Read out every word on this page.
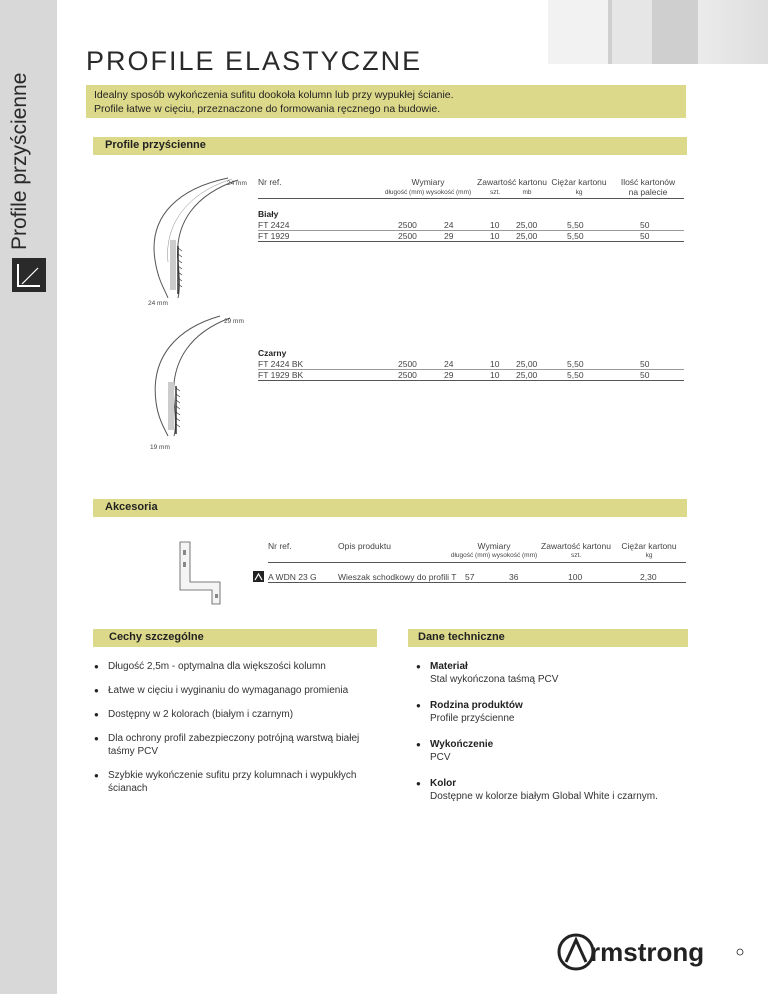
Profile przyścienne
PROFILE ELASTYCZNE
Idealny sposób wykończenia sufitu dookoła kolumn lub przy wypukłej ścianie.
Profile łatwe w cięciu, przeznaczone do formowania ręcznego na budowie.
Profile przyścienne
24 mm
24 mm
29 mm
19 mm
Nr ref.	Wymiary
długość (mm) wysokość (mm)
Zawartość kartonu
szt.	mb
Ciężar kartonu
kg
Ilość kartonów
na palecie
Biały
FT 2424	2500	24	10 25,00	5,50	50
FT 1929	2500	29	10 25,00	5,50	50
Czarny
FT 2424 BK	2500	24	10 25,00	5,50	50
FT 1929 BK	2500	29	10 25,00	5,50	50
Akcesoria
Nr ref.	Opis produktu	Wymiary
długość (mm) wysokość (mm)
Zawartość kartonu
szt.
Ciężar kartonu
kg
A WDN 23 G	Wieszak schodkowy do profili T 57	36	100	2,30
Cechy szczególne	Dane techniczne
● Długość 2,5m - optymalna dla większości kolumn
● Łatwe w cięciu i wyginaniu do wymaganago promienia
● Dostępny w 2 kolorach (białym i czarnym)
● Dla ochrony profil zabezpieczony potrójną warstwą białej taśmy PCV
● Szybkie wykończenie sufitu przy kolumnach i wypukłych ścianach
● Materiał
Stal wykończona taśmą PCV
● Rodzina produktów
Profile przyścienne
● Wykończenie
PCV
● Kolor
Dostępne w kolorze białym Global White i czarnym.
rmstrong
